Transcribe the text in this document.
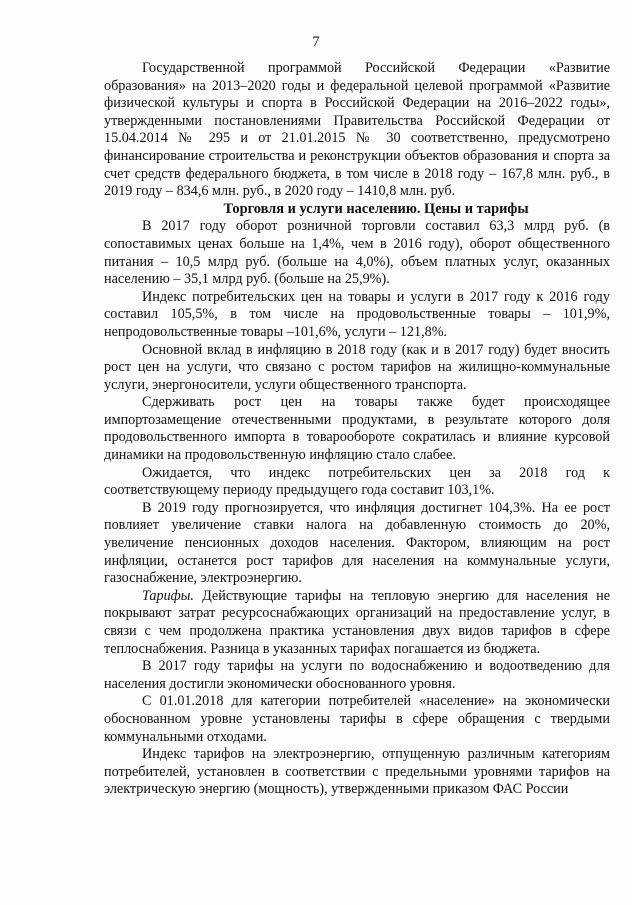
7

Государственной программой Российской Федерации «Развитие образования» на 2013–2020 годы и федеральной целевой программой «Развитие физической культуры и спорта в Российской Федерации на 2016–2022 годы», утвержденными постановлениями Правительства Российской Федерации от 15.04.2014 № 295 и от 21.01.2015 № 30 соответственно, предусмотрено финансирование строительства и реконструкции объектов образования и спорта за счет средств федерального бюджета, в том числе в 2018 году – 167,8 млн. руб., в 2019 году – 834,6 млн. руб., в 2020 году – 1410,8 млн. руб.

Торговля и услуги населению. Цены и тарифы

В 2017 году оборот розничной торговли составил 63,3 млрд руб. (в сопоставимых ценах больше на 1,4%, чем в 2016 году), оборот общественного питания – 10,5 млрд руб. (больше на 4,0%), объем платных услуг, оказанных населению – 35,1 млрд руб. (больше на 25,9%).

Индекс потребительских цен на товары и услуги в 2017 году к 2016 году составил 105,5%, в том числе на продовольственные товары – 101,9%, непродовольственные товары –101,6%, услуги – 121,8%.

Основной вклад в инфляцию в 2018 году (как и в 2017 году) будет вносить рост цен на услуги, что связано с ростом тарифов на жилищно-коммунальные услуги, энергоносители, услуги общественного транспорта.

Сдерживать рост цен на товары также будет происходящее импортозамещение отечественными продуктами, в результате которого доля продовольственного импорта в товарообороте сократилась и влияние курсовой динамики на продовольственную инфляцию стало слабее.

Ожидается, что индекс потребительских цен за 2018 год к соответствующему периоду предыдущего года составит 103,1%.

В 2019 году прогнозируется, что инфляция достигнет 104,3%. На ее рост повлияет увеличение ставки налога на добавленную стоимость до 20%, увеличение пенсионных доходов населения. Фактором, влияющим на рост инфляции, останется рост тарифов для населения на коммунальные услуги, газоснабжение, электроэнергию.

Тарифы. Действующие тарифы на тепловую энергию для населения не покрывают затрат ресурсоснабжающих организаций на предоставление услуг, в связи с чем продолжена практика установления двух видов тарифов в сфере теплоснабжения. Разница в указанных тарифах погашается из бюджета.

В 2017 году тарифы на услуги по водоснабжению и водоотведению для населения достигли экономически обоснованного уровня.

С 01.01.2018 для категории потребителей «население» на экономически обоснованном уровне установлены тарифы в сфере обращения с твердыми коммунальными отходами.

Индекс тарифов на электроэнергию, отпущенную различным категориям потребителей, установлен в соответствии с предельными уровнями тарифов на электрическую энергию (мощность), утвержденными приказом ФАС России
